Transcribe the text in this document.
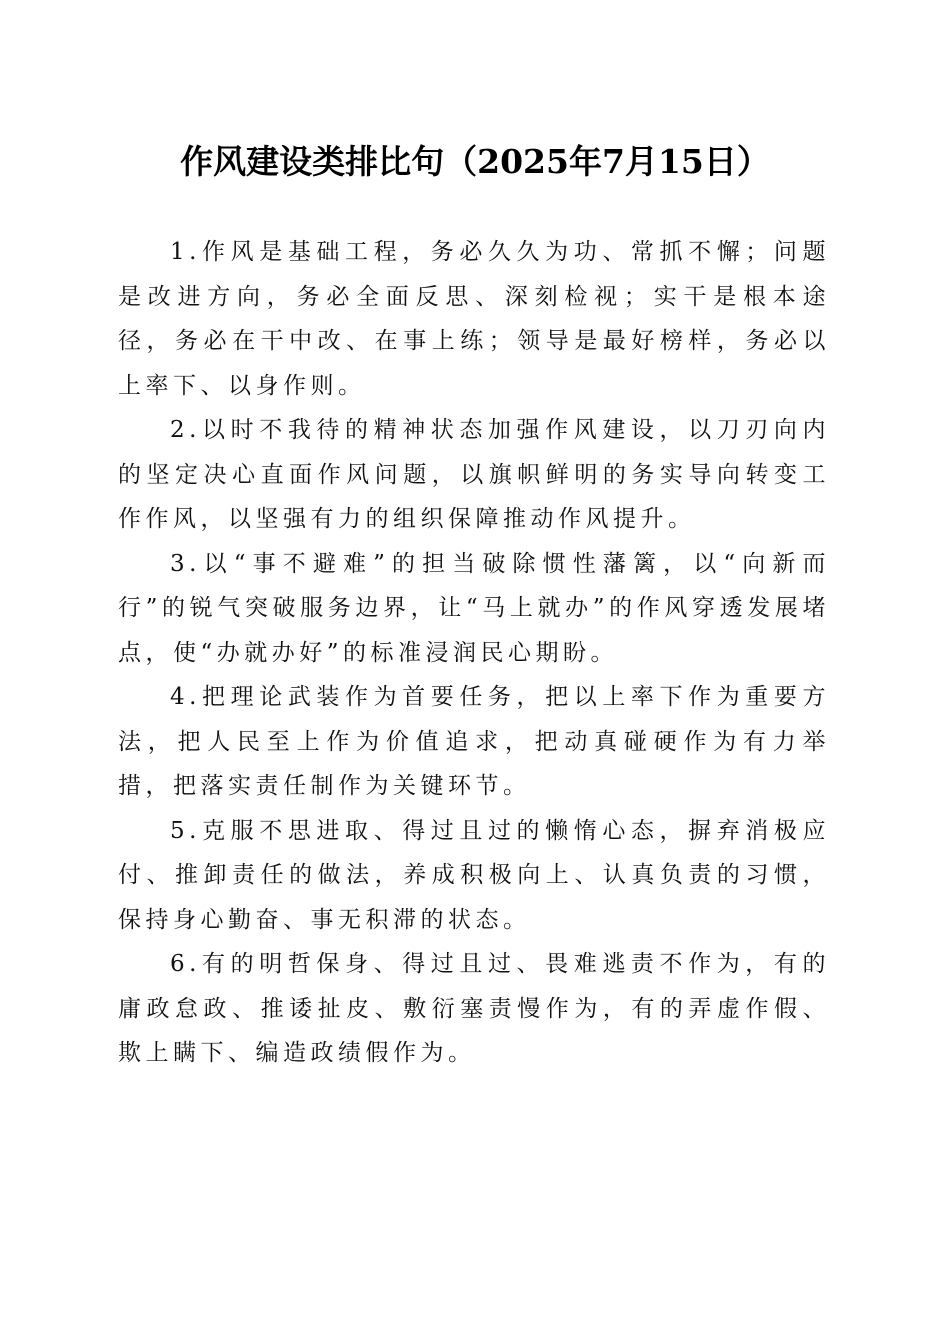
作风建设类排比句（2025年7月15日）

1.作风是基础工程，务必久久为功、常抓不懈；问题是改进方向，务必全面反思、深刻检视；实干是根本途径，务必在干中改、在事上练；领导是最好榜样，务必以上率下、以身作则。

2.以时不我待的精神状态加强作风建设，以刀刃向内的坚定决心直面作风问题，以旗帜鲜明的务实导向转变工作作风，以坚强有力的组织保障推动作风提升。

3.以“事不避难”的担当破除惯性藩篱，以“向新而行”的锐气突破服务边界，让“马上就办”的作风穿透发展堵点，使“办就办好”的标准浸润民心期盼。

4.把理论武装作为首要任务，把以上率下作为重要方法，把人民至上作为价值追求，把动真碰硬作为有力举措，把落实责任制作为关键环节。

5.克服不思进取、得过且过的懒惰心态，摒弃消极应付、推卸责任的做法，养成积极向上、认真负责的习惯，保持身心勤奋、事无积滞的状态。

6.有的明哲保身、得过且过、畏难逃责不作为，有的庸政怠政、推诿扯皮、敷衍塞责慢作为，有的弄虚作假、欺上瞒下、编造政绩假作为。
